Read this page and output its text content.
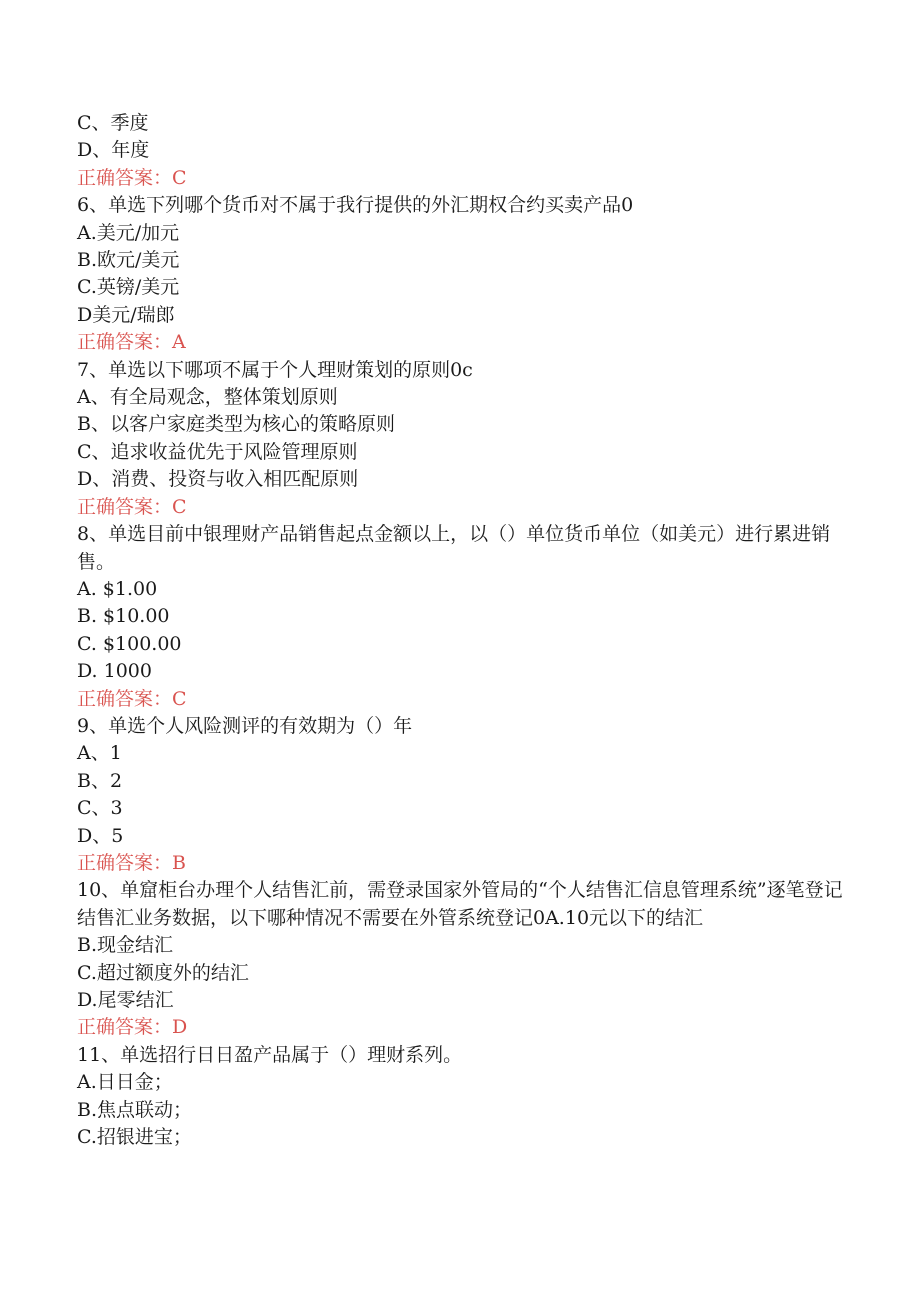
C、季度

D、年度

正确答案：C

6、单选下列哪个货币对不属于我行提供的外汇期权合约买卖产品0

A.美元/加元

B.欧元/美元

C.英镑/美元

D美元/瑞郎

正确答案：A

7、单选以下哪项不属于个人理财策划的原则0c

A、有全局观念，整体策划原则

B、以客户家庭类型为核心的策略原则

C、追求收益优先于风险管理原则

D、消费、投资与收入相匹配原则

正确答案：C

8、单选目前中银理财产品销售起点金额以上，以（）单位货币单位（如美元）进行累进销售。

A. $1.00

B. $10.00

C. $100.00

D. 1000

正确答案：C

9、单选个人风险测评的有效期为（）年

A、1

B、2

C、3

D、5

正确答案：B

10、单窟柜台办理个人结售汇前，需登录国家外管局的“个人结售汇信息管理系统”逐笔登记结售汇业务数据，以下哪种情况不需要在外管系统登记0A.10元以下的结汇

B.现金结汇

C.超过额度外的结汇

D.尾零结汇

正确答案：D

11、单选招行日日盈产品属于（）理财系列。

A.日日金；

B.焦点联动；

C.招银进宝；
